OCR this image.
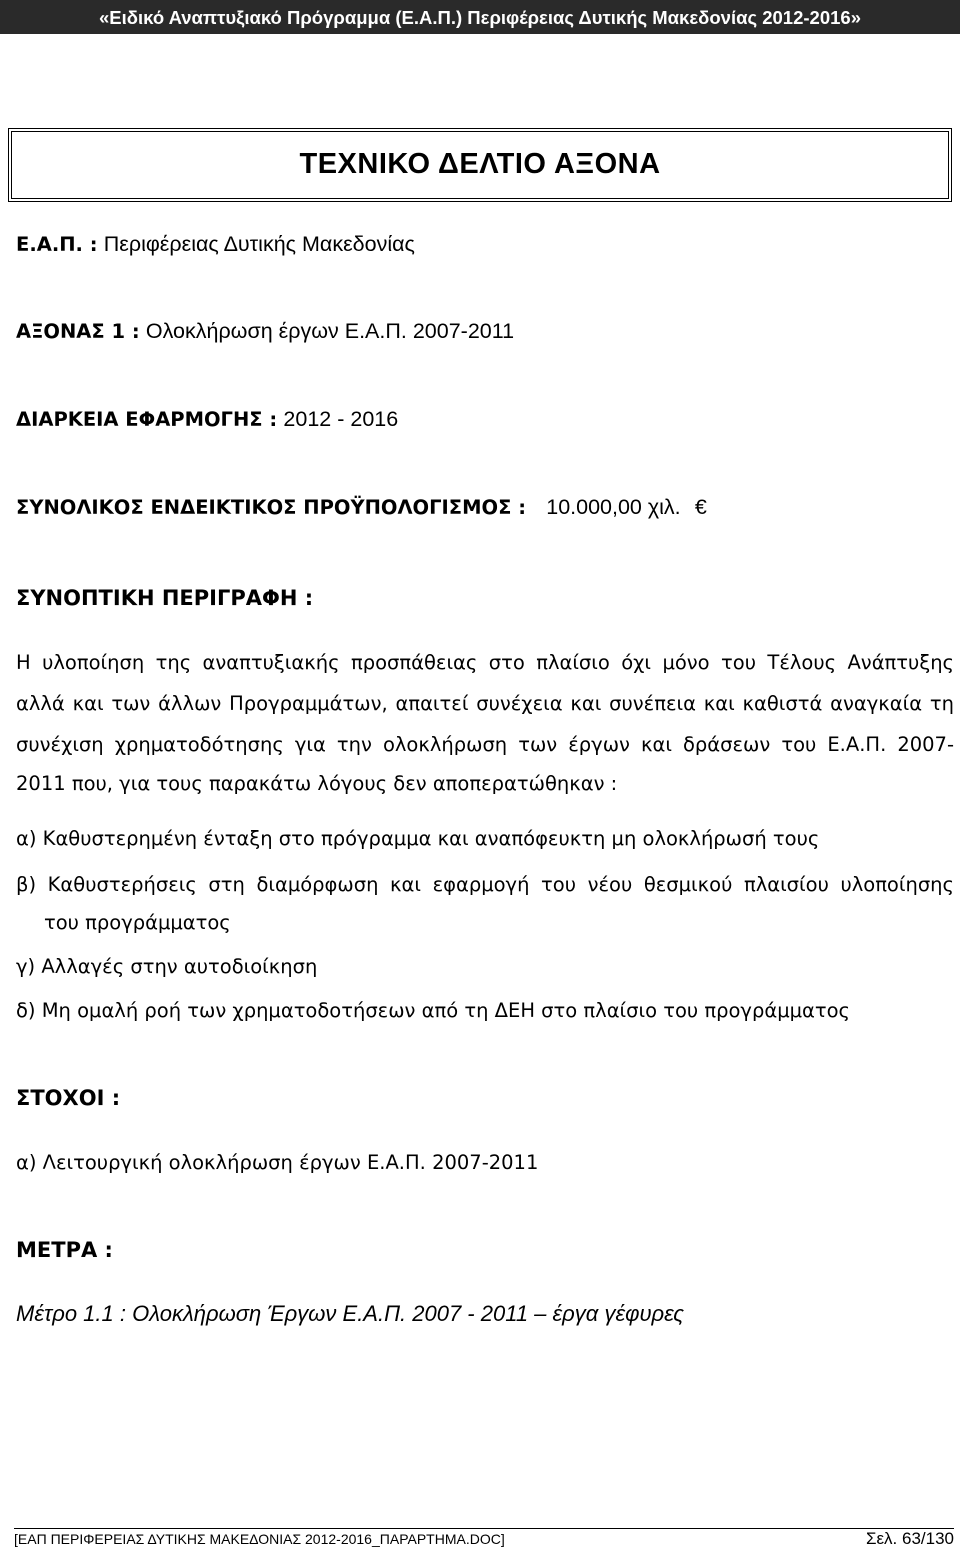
«Ειδικό Αναπτυξιακό Πρόγραμμα (Ε.Α.Π.) Περιφέρειας Δυτικής Μακεδονίας 2012-2016»
ΤΕΧΝΙΚΟ ΔΕΛΤΙΟ ΑΞΟΝΑ
Ε.Α.Π. : Περιφέρειας Δυτικής Μακεδονίας
ΑΞΟΝΑΣ 1 : Ολοκλήρωση έργων Ε.Α.Π. 2007-2011
ΔΙΑΡΚΕΙΑ ΕΦΑΡΜΟΓΗΣ : 2012 - 2016
ΣΥΝΟΛΙΚΟΣ ΕΝΔΕΙΚΤΙΚΟΣ ΠΡΟΫΠΟΛΟΓΙΣΜΟΣ : 10.000,00 χιλ. €
ΣΥΝΟΠΤΙΚΗ ΠΕΡΙΓΡΑΦΗ :
Η υλοποίηση της αναπτυξιακής προσπάθειας στο πλαίσιο όχι μόνο του Τέλους Ανάπτυξης
αλλά και των άλλων Προγραμμάτων, απαιτεί συνέχεια και συνέπεια και καθιστά αναγκαία τη
συνέχιση χρηματοδότησης για την ολοκλήρωση των έργων και δράσεων του Ε.Α.Π. 2007-
2011 που, για τους παρακάτω λόγους δεν αποπερατώθηκαν :
α) Καθυστερημένη ένταξη στο πρόγραμμα και αναπόφευκτη μη ολοκλήρωσή τους
β) Καθυστερήσεις στη διαμόρφωση και εφαρμογή του νέου θεσμικού πλαισίου υλοποίησης
του προγράμματος
γ) Αλλαγές στην αυτοδιοίκηση
δ) Μη ομαλή ροή των χρηματοδοτήσεων από τη ΔΕΗ στο πλαίσιο του προγράμματος
ΣΤΟΧΟΙ :
α) Λειτουργική ολοκλήρωση έργων Ε.Α.Π. 2007-2011
ΜΕΤΡΑ :
Μέτρο 1.1 : Ολοκλήρωση Έργων Ε.Α.Π. 2007 - 2011 – έργα γέφυρες
[ΕΑΠ ΠΕΡΙΦΕΡΕΙΑΣ ΔΥΤΙΚΗΣ ΜΑΚΕΔΟΝΙΑΣ 2012-2016_ΠΑΡΑΡΤΗΜΑ.DOC]	Σελ. 63/130
